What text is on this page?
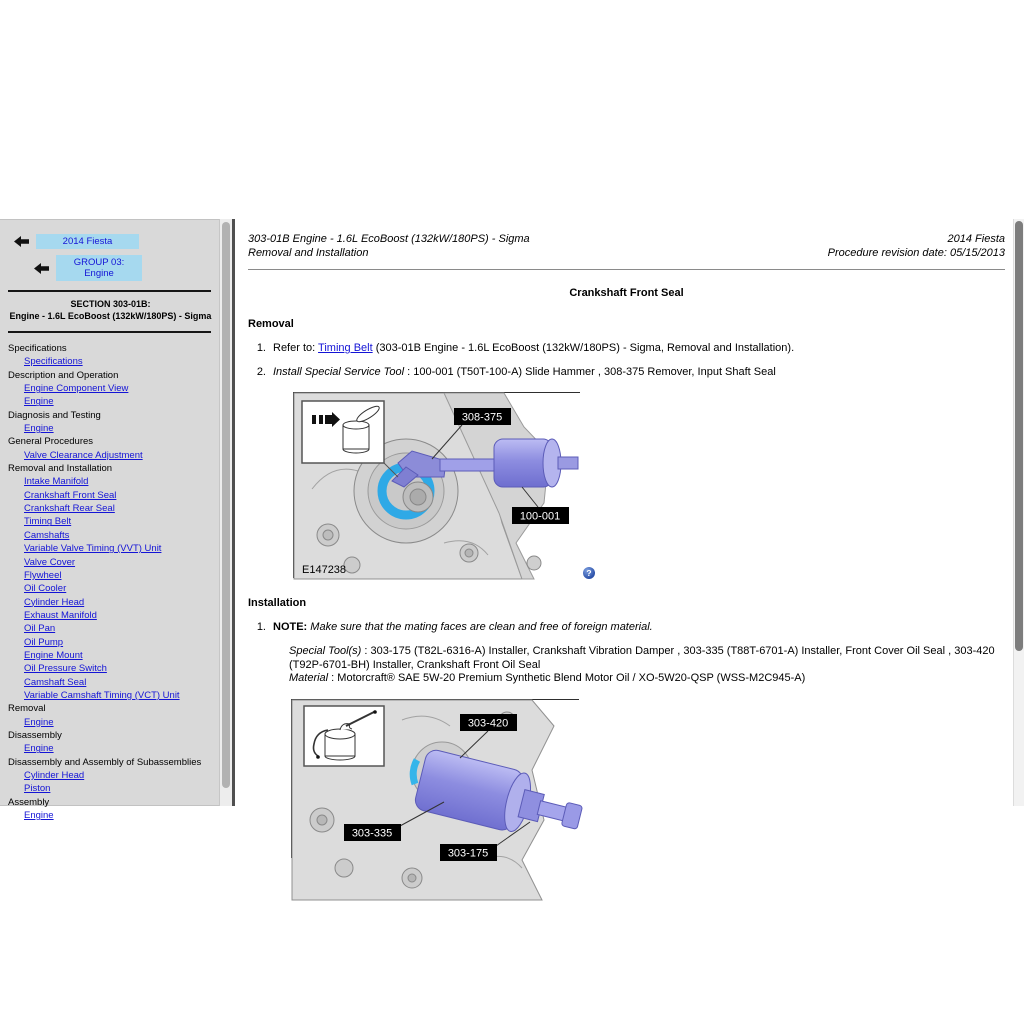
2014 Fiesta
GROUP 03: Engine
SECTION 303-01B:
Engine - 1.6L EcoBoost (132kW/180PS) - Sigma
Specifications
Specifications
Description and Operation
Engine Component View
Engine
Diagnosis and Testing
Engine
General Procedures
Valve Clearance Adjustment
Removal and Installation
Intake Manifold
Crankshaft Front Seal
Crankshaft Rear Seal
Timing Belt
Camshafts
Variable Valve Timing (VVT) Unit
Valve Cover
Flywheel
Oil Cooler
Cylinder Head
Exhaust Manifold
Oil Pan
Oil Pump
Engine Mount
Oil Pressure Switch
Camshaft Seal
Variable Camshaft Timing (VCT) Unit
Removal
Engine
Disassembly
Engine
Disassembly and Assembly of Subassemblies
Cylinder Head
Piston
Assembly
Engine
303-01B Engine - 1.6L EcoBoost (132kW/180PS) - Sigma
Removal and Installation
2014 Fiesta
Procedure revision date: 05/15/2013
Crankshaft Front Seal
Removal
1. Refer to: Timing Belt (303-01B Engine - 1.6L EcoBoost (132kW/180PS) - Sigma, Removal and Installation).
2. Install Special Service Tool : 100-001 (T50T-100-A) Slide Hammer , 308-375 Remover, Input Shaft Seal
308-375
100-001
E147238	?
Installation
1. NOTE: Make sure that the mating faces are clean and free of foreign material.
Special Tool(s) : 303-175 (T82L-6316-A) Installer, Crankshaft Vibration Damper , 303-335 (T88T-6701-A) Installer, Front Cover Oil Seal , 303-420 (T92P-6701-BH) Installer, Crankshaft Front Oil Seal
Material : Motorcraft® SAE 5W-20 Premium Synthetic Blend Motor Oil / XO-5W20-QSP (WSS-M2C945-A)
303-420
303-335
303-175
